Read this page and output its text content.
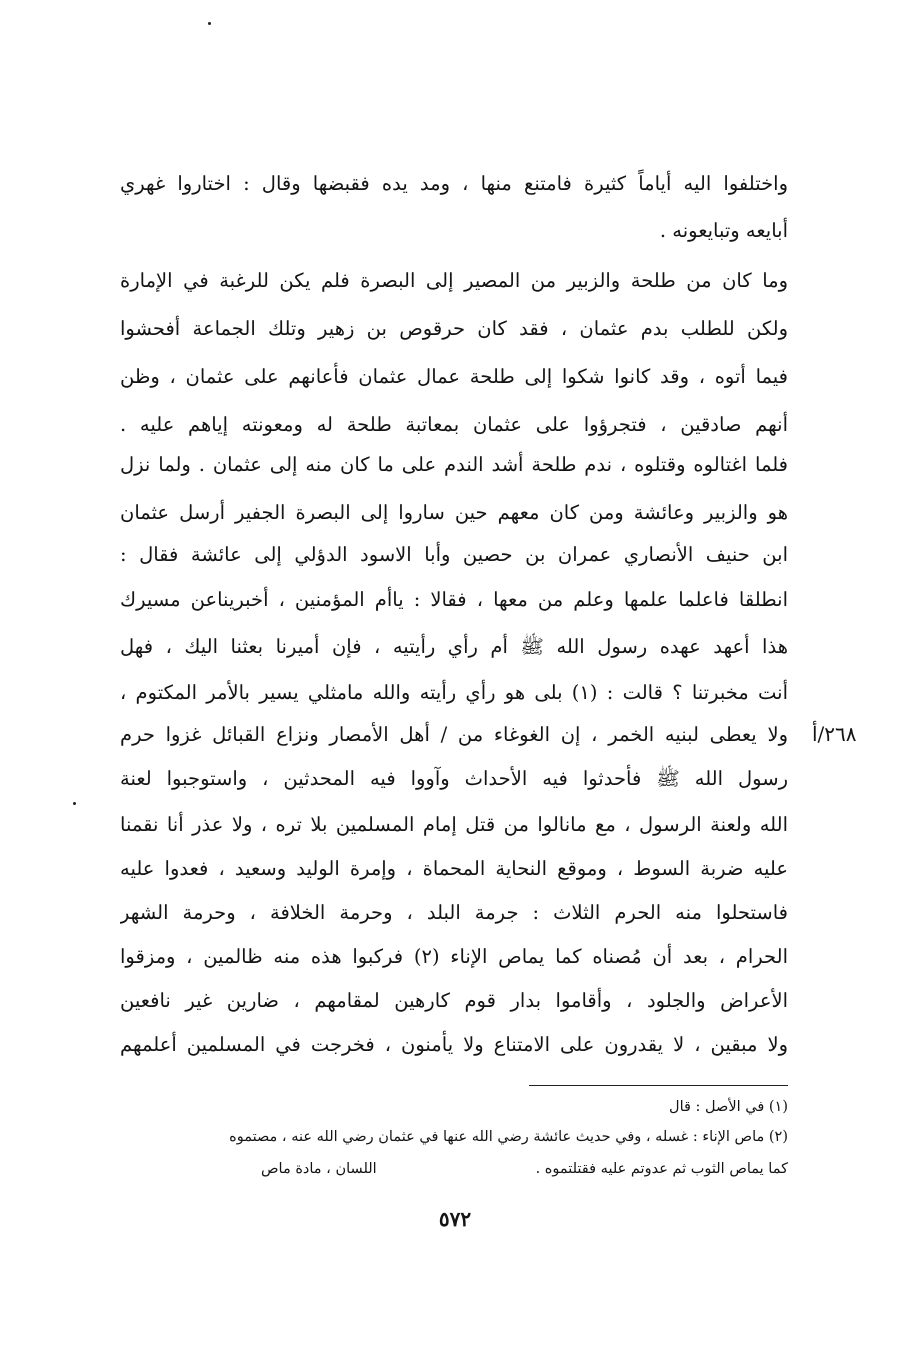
واختلفوا اليه أياماً كثيرة فامتنع منها ، ومد يده فقبضها وقال : اختاروا غهري
أبايعه وتبايعونه .
وما كان من طلحة والزبير من المصير إلى البصرة فلم يكن للرغبة في الإمارة
ولكن للطلب بدم عثمان ، فقد كان حرقوص بن زهير وتلك الجماعة أفحشوا
فيما أتوه ، وقد كانوا شكوا إلى طلحة عمال عثمان فأعانهم على عثمان ، وظن
أنهم صادقين ، فتجرؤوا على عثمان بمعاتبة طلحة له ومعونته إياهم عليه .
فلما اغتالوه وقتلوه ، ندم طلحة أشد الندم على ما كان منه إلى عثمان . ولما نزل
هو والزبير وعائشة ومن كان معهم حين ساروا إلى البصرة الجفير أرسل عثمان
ابن حنيف الأنصاري عمران بن حصين وأبا الاسود الدؤلي إلى عائشة فقال :
انطلقا فاعلما علمها وعلم من معها ، فقالا : ياأم المؤمنين ، أخبريناعن مسيرك
هذا أعهد عهده رسول الله ﷺ أم رأي رأيتيه ، فإن أميرنا بعثنا اليك ، فهل
أنت مخبرتنا ؟ قالت : (١) بلى هو رأي رأيته والله مامثلي يسير بالأمر المكتوم ،
ولا يعطى لبنيه الخمر ، إن الغوغاء من / أهل الأمصار ونزاع القبائل غزوا حرم
رسول الله ﷺ فأحدثوا فيه الأحداث وآووا فيه المحدثين ، واستوجبوا لعنة
الله ولعنة الرسول ، مع مانالوا من قتل إمام المسلمين بلا تره ، ولا عذر أنا نقمنا
عليه ضربة السوط ، وموقع النحاية المحماة ، وإمرة الوليد وسعيد ، فعدوا عليه
فاستحلوا منه الحرم الثلاث : جرمة البلد ، وحرمة الخلافة ، وحرمة الشهر
الحرام ، بعد أن مُصناه كما يماص الإناء (٢) فركبوا هذه منه ظالمين ، ومزقوا
الأعراض والجلود ، وأقاموا بدار قوم كارهين لمقامهم ، ضارين غير نافعين
ولا مبقين ، لا يقدرون على الامتناع ولا يأمنون ، فخرجت في المسلمين أعلمهم
٢٦٨/أ
(١) في الأصل : قال
(٢) ماص الإناء : غسله ، وفي حديث عائشة رضي الله عنها في عثمان رضي الله عنه ، مصتموه
كما يماص الثوب ثم عدوتم عليه فقتلتموه .
اللسان ، مادة ماص
٥٧٢
